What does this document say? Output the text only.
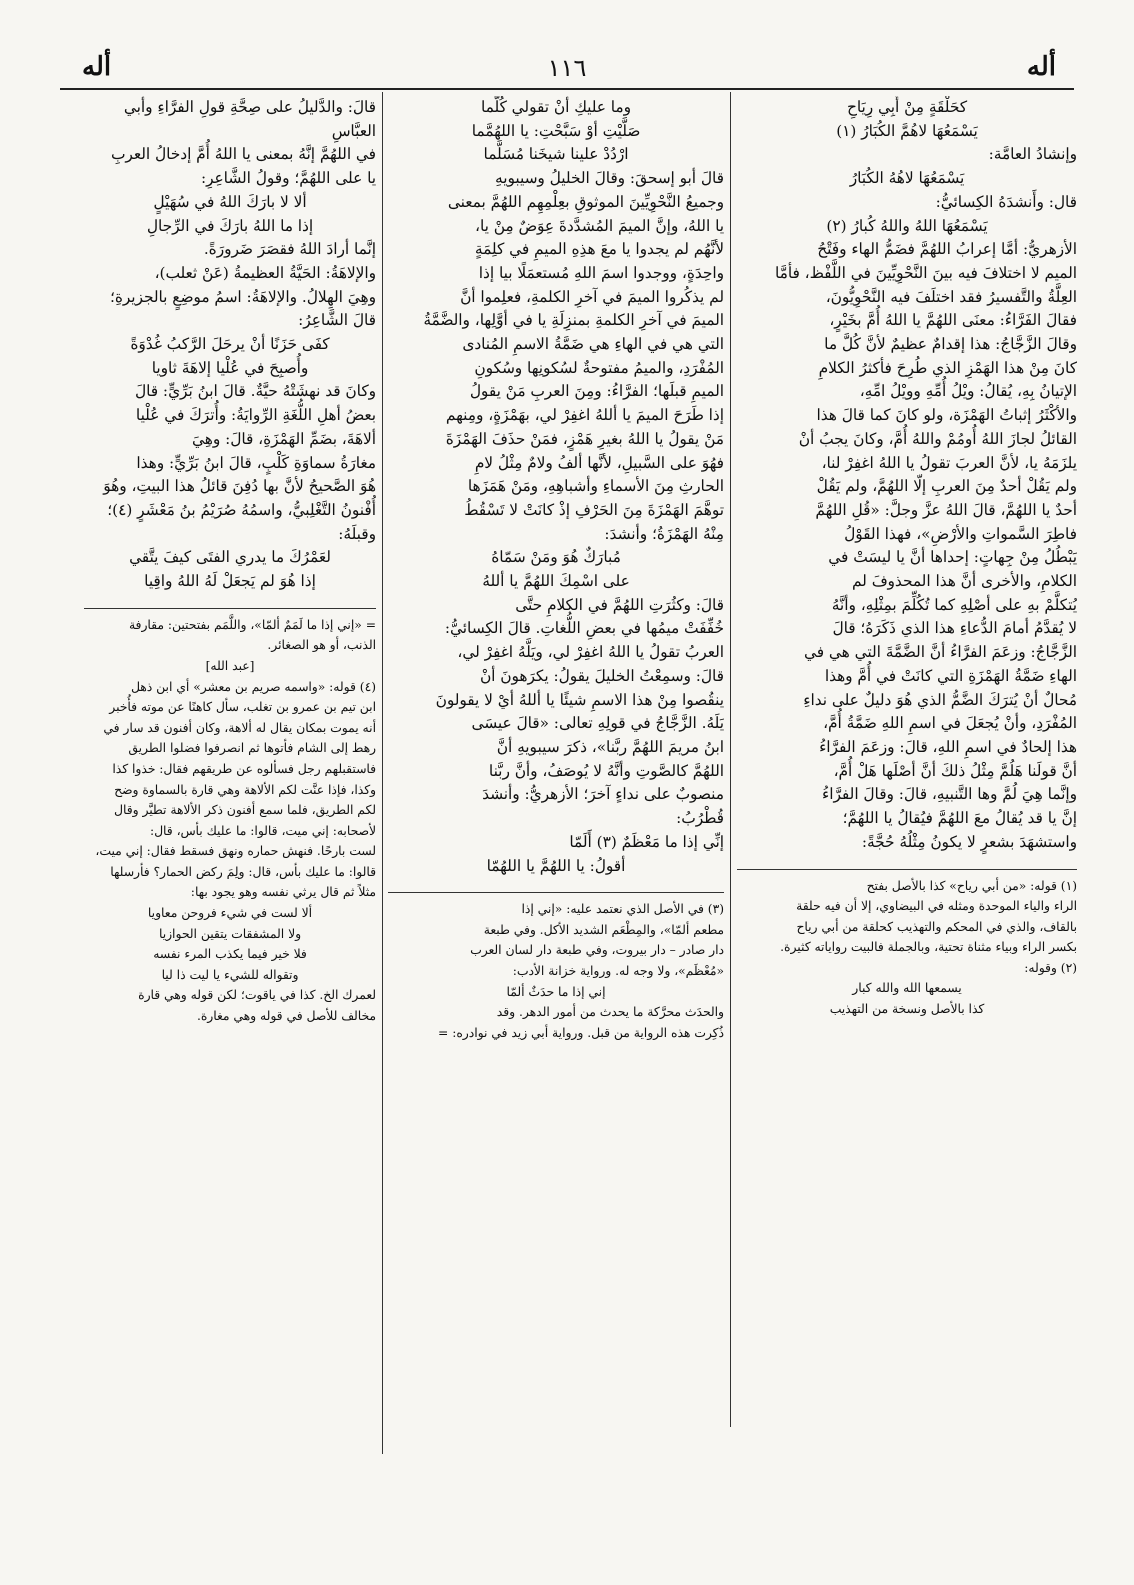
أله
١١٦
أله

كحَلْقَةٍ مِنْ أَبِي رِيَاحِ

يَسْمَعُهَا لاهُمَّ الكُبَارُ (١)

وإنشادُ العامَّة:

يَسْمَعُهَا لاهُهُ الكُبَارُ

قال: وأَنشدَهُ الكِسائيُّ:

يَسْمَعُهَا اللهُ واللهُ كُبارُ (٢)

الأزهريُّ: أمَّا إعرابُ اللهُمَّ فضَمُّ الهاء وفَتْحُ

الميم لا اختلافَ فيه بينَ النَّحْوِيِّينَ في اللَّفْظ، فأمَّا

العِلَّةُ والتَّفسيرُ فقد اختلَفَ فيه النَّحْوِيُّونَ،

فقالَ الفَرَّاءُ: معنَى اللهُمَّ يا اللهُ أُمَّ بخَيْرٍ،

وقالَ الزَّجَّاجُ: هذا إقدامٌ عظيمٌ لأنَّ كُلَّ ما

كانَ مِنْ هذا الهَمْزِ الذي طُرِحَ فأكثرُ الكلامِ

الإتيانُ بِهِ، يُقالُ: ويْلُ أُمِّهِ وويْلُ امِّهِ،

والأكْثَرُ إثباتُ الهَمْزَة، ولو كانَ كما قالَ هذا

القائلُ لجازَ اللهُ أُومُمْ واللهُ أُمَّ، وكانَ يجبُ أنْ

يلزَمَهُ يا، لأنَّ العربَ تقولُ يا اللهُ اغفِرْ لنا،

ولم يَقُلْ أحدٌ مِنَ العربِ إلّا اللهُمَّ، ولم يَقُلْ

أحدٌ يا اللهُمَّ، قالَ اللهُ عزَّ وجلَّ: «قُلِ اللهُمَّ

فاطِرَ السَّمواتِ والأرْضِ»، فهذا القَوْلُ

يَبْطُلُ مِنْ جِهاتٍ: إحداها أنَّ يا ليسَتْ في

الكلامِ، والأخرى أنَّ هذا المحذوفَ لم

يُتكلَّمْ بهِ على أصْلِهِ كما تُكُلِّمَ بمِثْلِهِ، وأنَّهُ

لا يُقدَّمُ أمامَ الدُّعاءِ هذا الذي ذَكَرَهُ؛ قالَ

الزَّجَّاجُ: وزعَمَ الفرَّاءُ أنَّ الضَّمَّةَ التي هي في

الهاءِ ضَمَّةُ الهَمْزَةِ التي كانَتْ في أُمَّ وهذا

مُحالٌ أنْ يُترَكَ الضَّمُّ الذي هُوَ دليلٌ على نداءِ

المُفْرَدِ، وأنْ يُجعَلَ في اسمِ اللهِ ضَمَّةُ أُمَّ،

هذا إلحادٌ في اسمِ اللهِ، قالَ: وزعَمَ الفرَّاءُ

أنَّ قولَنا هَلُمَّ مِثْلُ ذلكَ أنَّ أصْلَها هَلْ أُمَّ،

وإنَّما هِيَ لُمَّ وها التَّنبيهِ، قالَ: وقالَ الفرَّاءُ

إنَّ يا قد يُقالُ معَ اللهُمَّ فيُقالُ يا اللهُمَّ؛

واستشهَدَ بشعرٍ لا يكونُ مِثْلُهُ حُجَّةً:

(١) قوله: «من أبي رياح» كذا بالأصل بفتح

الراء والياء الموحدة ومثله في البيضاوي، إلا أن فيه حلقة

بالقاف، والذي في المحكم والتهذيب كحلقة من أبي رياح

بكسر الراء وبياء مثناة تحتية، وبالجملة فالبيت رواياته كثيرة.

(٢) وقوله:

يسمعها الله والله كبار

كذا بالأصل ونسخة من التهذيب

وما عليكِ أنْ تقولي كُلَّما

صَلَّيْتِ أوْ سَبَّحْتِ: يا اللهُمَّما

ارْدُدْ علينا شيخَنا مُسَلَّما

قالَ أبو إسحقَ: وقالَ الخليلُ وسيبويهِ

وجميعُ النَّحْوِيِّينَ الموثوقِ بعِلْمِهِم اللهُمَّ بمعنى

يا اللهُ، وإنَّ الميمَ المُشدَّدةَ عِوَضٌ مِنْ يا،

لأنَّهُم لم يجدوا يا معَ هذِهِ الميمِ في كلِمَةٍ

واحِدَةٍ، ووجدوا اسمَ اللهِ مُستعمَلًا بيا إذا

لم يذكُروا الميمَ في آخرِ الكلمةِ، فعلِموا أنَّ

الميمَ في آخرِ الكلمةِ بمنزِلَةِ يا في أوَّلِها، والضَّمَّةُ

التي هي في الهاءِ هي ضَمَّةُ الاسمِ المُنادى

المُفْرَدِ، والميمُ مفتوحةٌ لسُكونِها وسُكونِ

الميمِ قبلَها؛ الفرَّاءُ: ومِنَ العربِ مَنْ يقولُ

إذا طَرَحَ الميمَ يا أللهُ اغفِرْ لي، بهَمْزَةٍ، ومِنهم

مَنْ يقولُ يا اللهُ بغيرِ هَمْزٍ، فمَنْ حذَفَ الهَمْزَةَ

فهُوَ على السَّبيلِ، لأنَّها ألفُ ولامٌ مِثْلُ لامِ

الحارثِ مِنَ الأسماءِ وأشباهِهِ، ومَنْ هَمَزَها

توهَّمَ الهَمْزَةَ مِنَ الحَرْفِ إذْ كانَتْ لا تَسْقُطُ

مِنْهُ الهَمْزَةُ؛ وأنشدَ:

مُبارَكٌ هُوَ ومَنْ سَمّاهُ

على اسْمِكَ اللهُمَّ يا أللهُ

قالَ: وكثُرَتِ اللهُمَّ في الكلامِ حتَّى

خُفِّفَتْ ميمُها في بعضِ اللُّغاتِ. قالَ الكِسائيُّ:

العربُ تقولُ يا اللهُ اغفِرْ لي، ويَلَّهُ اغفِرْ لي،

قالَ: وسمِعْتُ الخليلَ يقولُ: يكرَهونَ أنْ

ينقُصوا مِنْ هذا الاسمِ شيئًا يا أللهُ أيْ لا يقولونَ

يَلَهُ. الزَّجَّاجُ في قولِهِ تعالى: «قالَ عيسَى

ابنُ مريمَ اللهُمَّ ربَّنا»، ذكرَ سيبويهِ أنَّ

اللهُمَّ كالصَّوتِ وأنَّهُ لا يُوصَفُ، وأنَّ ربَّنا

منصوبٌ على نداءٍ آخرَ؛ الأزهريُّ: وأنشدَ

قُطْرُبُ:

إنِّي إذا ما مَعْظَمٌ (٣) أَلَمّا

أقولُ: يا اللهُمَّ يا اللهُمّا

(٣) في الأصل الذي نعتمد عليه: «إني إذا

مطعم ألمّا»، والمِطْعَم الشديد الأكل. وفي طبعة

دار صادر – دار بيروت، وفي طبعة دار لسان العرب

«مُعْظَم»، ولا وجه له. ورواية خزانة الأدب:

إني إذا ما حدَثٌ ألمّا

والحدَث محرَّكة ما يحدث من أمور الدهر. وقد

ذُكِرت هذه الرواية من قبل. ورواية أبي زيد في نوادره: =

قالَ: والدَّليلُ على صِحَّةِ قولِ الفرَّاءِ وأبي العبَّاسِ

في اللهُمَّ إنَّهُ بمعنى يا اللهُ أُمَّ إدخالُ العربِ

يا على اللهُمَّ؛ وقولُ الشَّاعِرِ:

ألا لا بارَكَ اللهُ في سُهَيْلٍ

إذا ما اللهُ بارَكَ في الرِّجالِ

إنَّما أرادَ اللهُ فقصَرَ ضَرورَةً.

والإلاهَةُ: الحَيَّةُ العظيمةُ (عَنْ ثعلب)،

وهِيَ الهِلالُ. والإلاهَةُ: اسمُ موضِعٍ بالجزيرةِ؛

قالَ الشَّاعِرُ:

كفَى حَزَنًا أنْ يرحَلَ الرَّكبُ غُدْوَةً

وأُصبِحَ في عُلْيا إلاهَةَ ثاويا

وكانَ قد نهشَتْهُ حيَّةٌ. قالَ ابنُ بَرِّيٍّ: قالَ

بعضُ أهلِ اللُّغَةِ الرِّوايَةُ: وأُترَكَ في عُلْيا

ألاهَةَ، بضَمِّ الهَمْزَةِ، قالَ: وهِيَ

مغارَةُ سماوَةِ كَلْبٍ، قالَ ابنُ بَرِّيٍّ: وهذا

هُوَ الصَّحيحُ لأنَّ بها دُفِنَ قائلُ هذا البيتِ، وهُوَ

أُفْنونُ التَّغْلِبيُّ، واسمُهُ صُرَيْمُ بنُ مَعْشَرٍ (٤)؛

وقبلَهُ:

لعَمْرُكَ ما يدري الفتَى كيفَ يتَّقي

إذا هُوَ لم يَجعَلْ لَهُ اللهُ واقِيا

= «إني إذا ما لَمَمٌ ألمّا»، واللَّمَم بفتحتين: مقارفة

الذنب، أو هو الصغائر.

[عبد الله]

(٤) قوله: «واسمه صريم بن معشر» أي ابن ذهل

ابن تيم بن عمرو بن تغلب، سأل كاهنًا عن موته فأُخبر

أنه يموت بمكان يقال له ألاهة، وكان أفنون قد سار في

رهط إلى الشام فأتوها ثم انصرفوا فضلوا الطريق

فاستقبلهم رجل فسألوه عن طريقهم فقال: خذوا كذا

وكذا، فإذا عنَّت لكم الألاهة وهي قارة بالسماوة وضح

لكم الطريق، فلما سمع أفنون ذكر الألاهة تطيَّر وقال

لأصحابه: إني ميت، قالوا: ما عليك بأس، قال:

لست بارحًا. فنهش حماره ونهق فسقط فقال: إني ميت،

قالوا: ما عليك بأس، قال: ولِمَ ركض الحمار؟ فأرسلها

مثلاً ثم قال يرثي نفسه وهو يجود بها:

ألا لست في شيء فروحن معاويا

ولا المشفقات يتقين الحوازيا

فلا خير فيما يكذب المرء نفسه

وتقواله للشيء يا ليت ذا ليا

لعمرك الخ. كذا في ياقوت؛ لكن قوله وهي قارة

مخالف للأصل في قوله وهي مغارة.
